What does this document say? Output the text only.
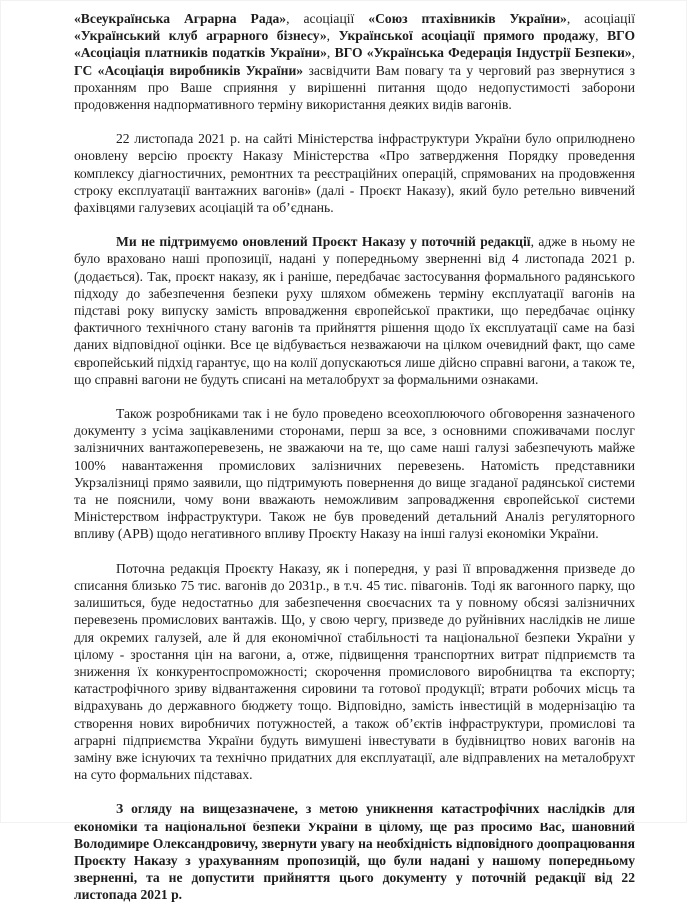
«Всеукраїнська Аграрна Рада», асоціації «Союз птахівників України», асоціації «Український клуб аграрного бізнесу», Української асоціації прямого продажу, ВГО «Асоціація платників податків України», ВГО «Українська Федерація Індустрії Безпеки», ГС «Асоціація виробників України» засвідчити Вам повагу та у черговий раз звернутися з проханням про Ваше сприяння у вирішенні питання щодо недопустимості заборони продовження надпормативного терміну використання деяких видів вагонів.

22 листопада 2021 р. на сайті Міністерства інфраструктури України було оприлюднено оновлену версію проєкту Наказу Міністерства «Про затвердження Порядку проведення комплексу діагностичних, ремонтних та реєстраційних операцій, спрямованих на продовження строку експлуатації вантажних вагонів» (далі - Проєкт Наказу), який було ретельно вивчений фахівцями галузевих асоціацій та об’єднань.

Ми не підтримуємо оновлений Проєкт Наказу у поточній редакції, адже в ньому не було враховано наші пропозиції, надані у попередньому зверненні від 4 листопада 2021 р. (додається). Так, проєкт наказу, як і раніше, передбачає застосування формального радянського підходу до забезпечення безпеки руху шляхом обмежень терміну експлуатації вагонів на підставі року випуску замість впровадження європейської практики, що передбачає оцінку фактичного технічного стану вагонів та прийняття рішення щодо їх експлуатації саме на базі даних відповідної оцінки. Все це відбувається незважаючи на цілком очевидний факт, що саме європейський підхід гарантує, що на колії допускаються лише дійсно справні вагони, а також те, що справні вагони не будуть списані на металобрухт за формальними ознаками.

Також розробниками так і не було проведено всеохоплюючого обговорення зазначеного документу з усіма зацікавленими сторонами, перш за все, з основними споживачами послуг залізничних вантажоперевезень, не зважаючи на те, що саме наші галузі забезпечують майже 100% навантаження промислових залізничних перевезень. Натомість представники Укрзалізниці прямо заявили, що підтримують повернення до вище згаданої радянської системи та не пояснили, чому вони вважають неможливим запровадження європейської системи Міністерством інфраструктури. Також не був проведений детальний Аналіз регуляторного впливу (АРВ) щодо негативного впливу Проєкту Наказу на інші галузі економіки України.

Поточна редакція Проєкту Наказу, як і попередня, у разі її впровадження призведе до списання близько 75 тис. вагонів до 2031р., в т.ч. 45 тис. півагонів. Тоді як вагонного парку, що залишиться, буде недостатньо для забезпечення своєчасних та у повному обсязі залізничних перевезень промислових вантажів. Що, у свою чергу, призведе до руйнівних наслідків не лише для окремих галузей, але й для економічної стабільності та національної безпеки України у цілому - зростання цін на вагони, а, отже, підвищення транспортних витрат підприємств та зниження їх конкурентоспроможності; скорочення промислового виробництва та експорту; катастрофічного зриву відвантаження сировини та готової продукції; втрати робочих місць та відрахувань до державного бюджету тощо. Відповідно, замість інвестицій в модернізацію та створення нових виробничих потужностей, а також об’єктів інфраструктури, промислові та аграрні підприємства України будуть вимушені інвестувати в будівництво нових вагонів на заміну вже існуючих та технічно придатних для експлуатації, але відправлених на металобрухт на суто формальних підставах.

З огляду на вищезазначене, з метою уникнення катастрофічних наслідків для економіки та національної безпеки України в цілому, ще раз просимо Вас, шановний Володимире Олександровичу, звернути увагу на необхідність відповідного доопрацювання Проєкту Наказу з урахуванням пропозицій, що були надані у нашому попередньому зверненні, та не допустити прийняття цього документу у поточній редакції від 22 листопада 2021 р.
